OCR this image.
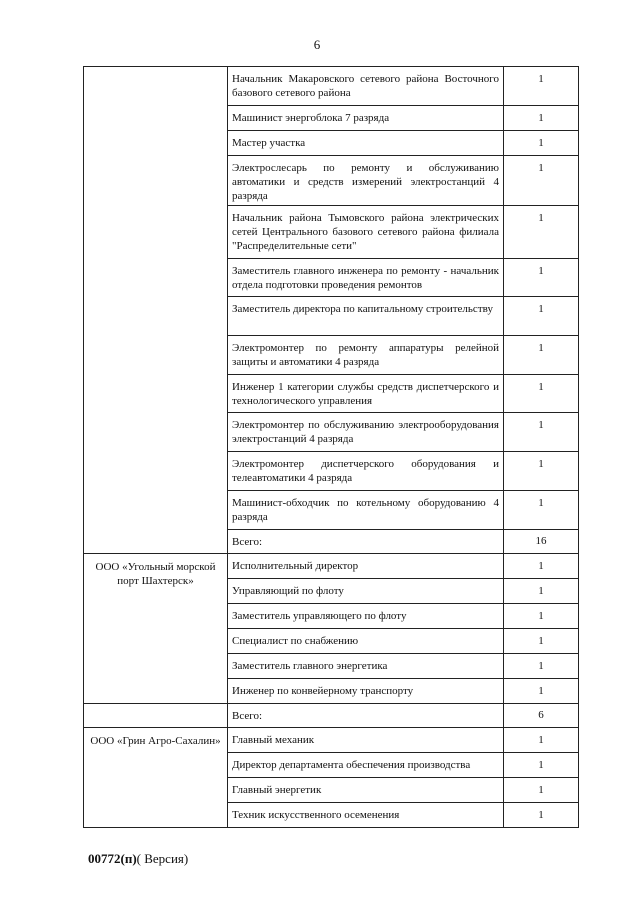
6
	Начальник Макаровского сетевого района Восточного базового сетевого района	1
	Машинист энергоблока 7 разряда	1
	Мастер участка	1
	Электрослесарь по ремонту и обслуживанию автоматики и средств измерений электростанций 4 разряда	1
	Начальник района Тымовского района электрических сетей Центрального базового сетевого района филиала "Распределительные сети"	1
	Заместитель главного инженера по ремонту - начальник отдела подготовки проведения ремонтов	1
	Заместитель директора по капитальному строительству	1
	Электромонтер по ремонту аппаратуры релейной защиты и автоматики 4 разряда	1
	Инженер 1 категории службы средств диспетчерского и технологического управления	1
	Электромонтер по обслуживанию электрооборудования электростанций 4 разряда	1
	Электромонтер диспетчерского оборудования и телеавтоматики 4 разряда	1
	Машинист-обходчик по котельному оборудованию 4 разряда	1
	Всего:	16
ООО «Угольный морской порт Шахтерск»	Исполнительный директор	1
	Управляющий по флоту	1
	Заместитель управляющего по флоту	1
	Специалист по снабжению	1
	Заместитель главного энергетика	1
	Инженер по конвейерному транспорту	1
	Всего:	6
ООО «Грин Агро-Сахалин»	Главный механик	1
	Директор департамента обеспечения производства	1
	Главный энергетик	1
	Техник искусственного осеменения	1
00772(п)( Версия)
